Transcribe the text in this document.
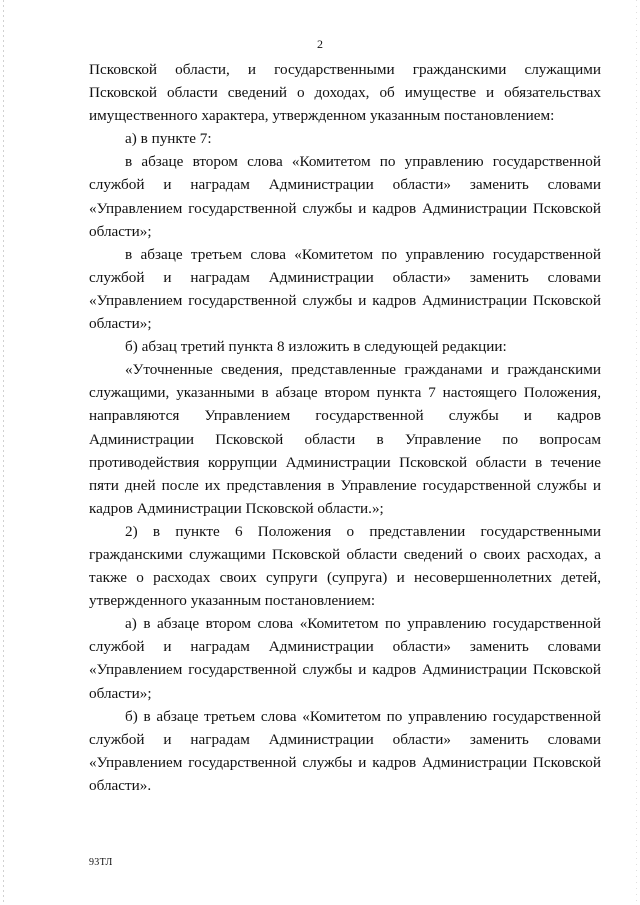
2

Псковской области, и государственными гражданскими служащими Псковской области сведений о доходах, об имуществе и обязательствах имущественного характера, утвержденном указанным постановлением:

а) в пункте 7:

в абзаце втором слова «Комитетом по управлению государственной службой и наградам Администрации области» заменить словами «Управлением государственной службы и кадров Администрации Псковской области»;

в абзаце третьем слова «Комитетом по управлению государственной службой и наградам Администрации области» заменить словами «Управлением государственной службы и кадров Администрации Псковской области»;

б) абзац третий пункта 8 изложить в следующей редакции:

«Уточненные сведения, представленные гражданами и гражданскими служащими, указанными в абзаце втором пункта 7 настоящего Положения, направляются Управлением государственной службы и кадров Администрации Псковской области в Управление по вопросам противодействия коррупции Администрации Псковской области в течение пяти дней после их представления в Управление государственной службы и кадров Администрации Псковской области.»;

2) в пункте 6 Положения о представлении государственными гражданскими служащими Псковской области сведений о своих расходах, а также о расходах своих супруги (супруга) и несовершеннолетних детей, утвержденного указанным постановлением:

а) в абзаце втором слова «Комитетом по управлению государственной службой и наградам Администрации области» заменить словами «Управлением государственной службы и кадров Администрации Псковской области»;

б) в абзаце третьем слова «Комитетом по управлению государственной службой и наградам Администрации области» заменить словами «Управлением государственной службы и кадров Администрации Псковской области».

93ТЛ
